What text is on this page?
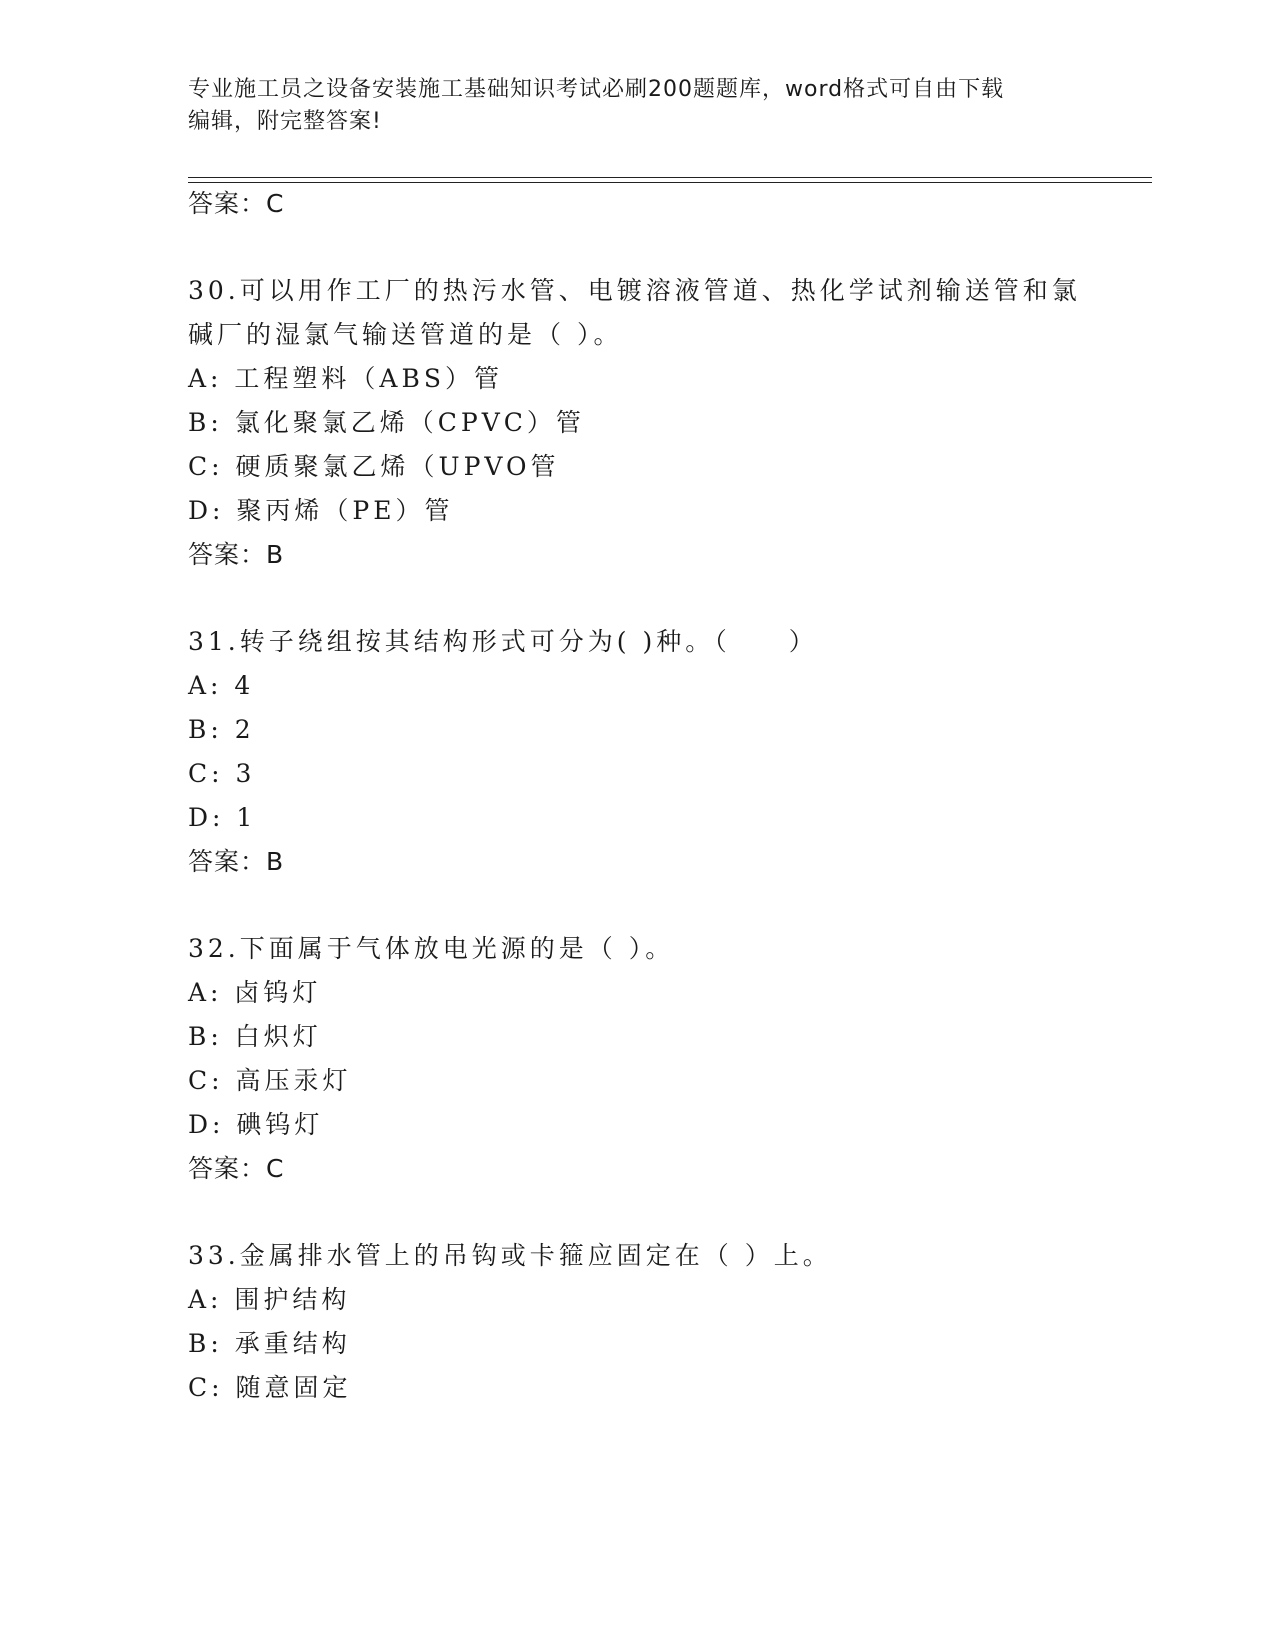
专业施工员之设备安装施工基础知识考试必刷200题题库，word格式可自由下载
编辑，附完整答案!
答案：C
30.可以用作工厂的热污水管、电镀溶液管道、热化学试剂输送管和氯
碱厂的湿氯气输送管道的是（ ）。
A: 工程塑料（ABS）管
B: 氯化聚氯乙烯（CPVC）管
C: 硬质聚氯乙烯（UPVO管
D: 聚丙烯（PE）管
答案：B
31.转子绕组按其结构形式可分为( )种。（　　）
A: 4
B: 2
C: 3
D: 1
答案：B
32.下面属于气体放电光源的是（ ）。
A: 卤钨灯
B: 白炽灯
C: 高压汞灯
D: 碘钨灯
答案：C
33.金属排水管上的吊钩或卡箍应固定在（ ）上。
A: 围护结构
B: 承重结构
C: 随意固定
